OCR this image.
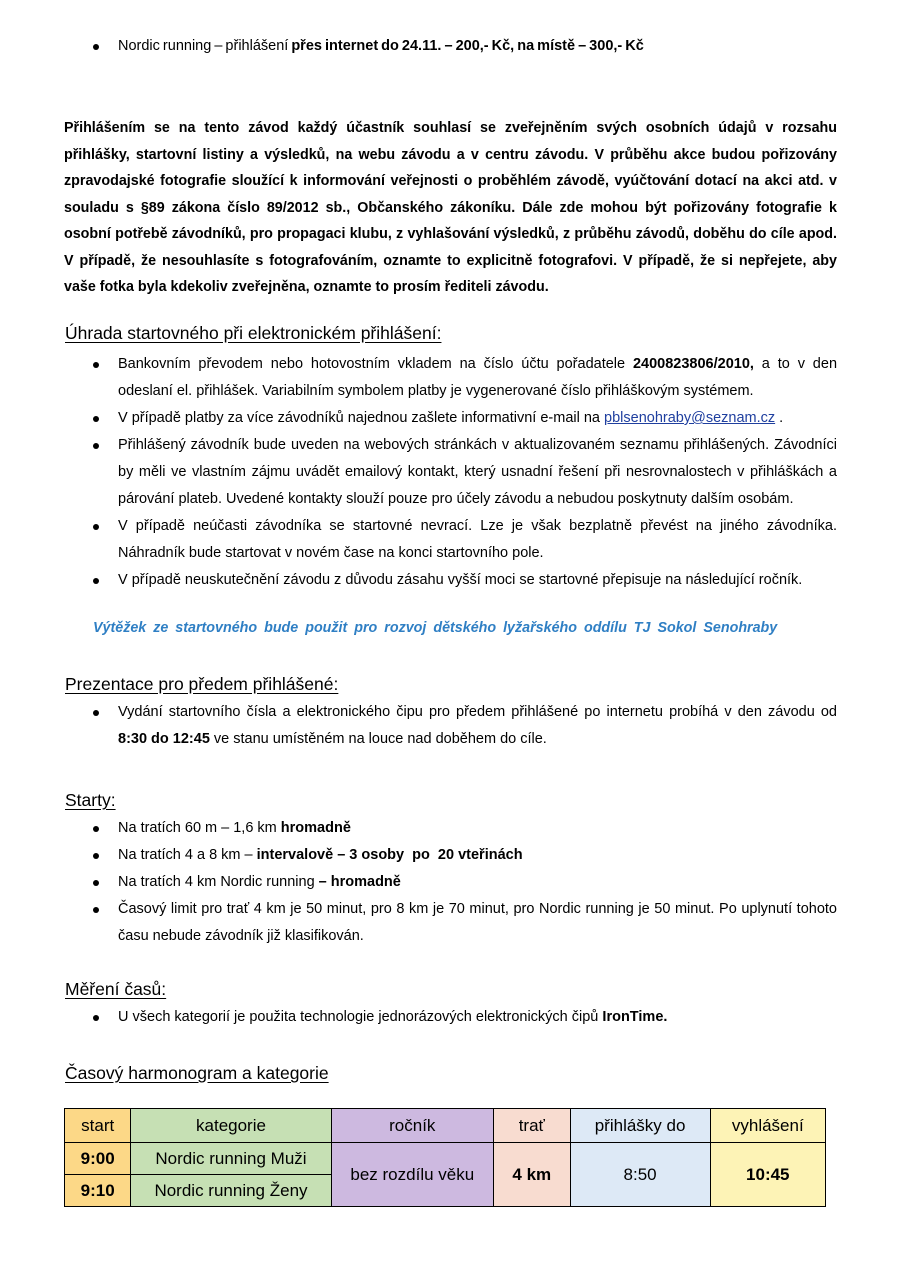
Nordic running – přihlášení přes internet do 24.11. – 200,- Kč, na místě – 300,- Kč

Přihlášením se na tento závod každý účastník souhlasí se zveřejněním svých osobních údajů v rozsahu přihlášky, startovní listiny a výsledků, na webu závodu a v centru závodu. V průběhu akce budou pořizovány zpravodajské fotografie sloužící k informování veřejnosti o proběhlém závodě, vyúčtování dotací na akci atd. v souladu s §89 zákona číslo 89/2012 sb., Občanského zákoníku. Dále zde mohou být pořizovány fotografie k osobní potřebě závodníků, pro propagaci klubu, z vyhlašování výsledků, z průběhu závodů, doběhu do cíle apod. V případě, že nesouhlasíte s fotografováním, oznamte to explicitně fotografovi. V případě, že si nepřejete, aby vaše fotka byla kdekoliv zveřejněna, oznamte to prosím řediteli závodu.

Úhrada startovného při elektronickém přihlášení:
Bankovním převodem nebo hotovostním vkladem na číslo účtu pořadatele 2400823806/2010, a to v den odeslaní el. přihlášek. Variabilním symbolem platby je vygenerované číslo přihláškovým systémem.
V případě platby za více závodníků najednou zašlete informativní e-mail na pblsenohraby@seznam.cz .
Přihlášený závodník bude uveden na webových stránkách v aktualizovaném seznamu přihlášených. Závodníci by měli ve vlastním zájmu uvádět emailový kontakt, který usnadní řešení při nesrovnalostech v přihláškách a párování plateb. Uvedené kontakty slouží pouze pro účely závodu a nebudou poskytnuty dalším osobám.
V případě neúčasti závodníka se startovné nevrací. Lze je však bezplatně převést na jiného závodníka. Náhradník bude startovat v novém čase na konci startovního pole.
V případě neuskutečnění závodu z důvodu zásahu vyšší moci se startovné přepisuje na následující ročník.

Výtěžek ze startovného bude použit pro rozvoj dětského lyžařského oddílu TJ Sokol Senohraby

Prezentace pro předem přihlášené:
Vydání startovního čísla a elektronického čipu pro předem přihlášené po internetu probíhá v den závodu od 8:30 do 12:45 ve stanu umístěném na louce nad doběhem do cíle.
Starty:
Na tratích 60 m – 1,6 km hromadně
Na tratích 4 a 8 km – intervalově – 3 osoby  po  20 vteřinách
Na tratích 4 km Nordic running – hromadně
Časový limit pro trať 4 km je 50 minut, pro 8 km je 70 minut, pro Nordic running je 50 minut. Po uplynutí tohoto času nebude závodník již klasifikován.
Měření časů:
U všech kategorií je použita technologie jednorázových elektronických čipů IronTime.
Časový harmonogram a kategorie
start	kategorie	ročník	trať	přihlášky do	vyhlášení
9:00	Nordic running Muži	bez rozdílu věku	4 km	8:50	10:45
9:10	Nordic running Ženy				
